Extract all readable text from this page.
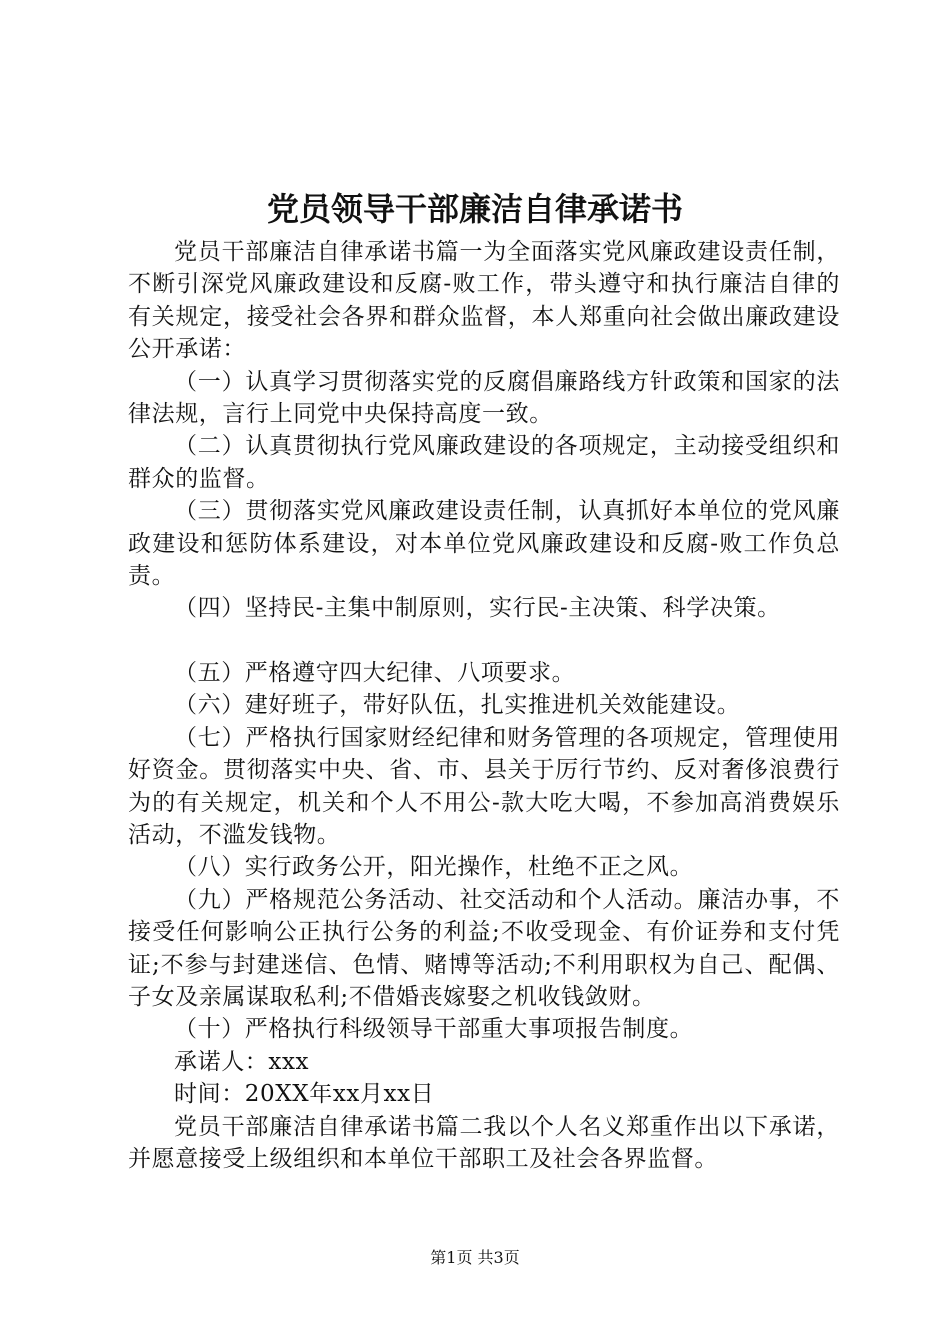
党员领导干部廉洁自律承诺书

党员干部廉洁自律承诺书篇一为全面落实党风廉政建设责任制，不断引深党风廉政建设和反腐-败工作，带头遵守和执行廉洁自律的有关规定，接受社会各界和群众监督，本人郑重向社会做出廉政建设公开承诺：

（一）认真学习贯彻落实党的反腐倡廉路线方针政策和国家的法律法规，言行上同党中央保持高度一致。

（二）认真贯彻执行党风廉政建设的各项规定，主动接受组织和群众的监督。

（三）贯彻落实党风廉政建设责任制，认真抓好本单位的党风廉政建设和惩防体系建设，对本单位党风廉政建设和反腐-败工作负总责。

（四）坚持民-主集中制原则，实行民-主决策、科学决策。

（五）严格遵守四大纪律、八项要求。

（六）建好班子，带好队伍，扎实推进机关效能建设。

（七）严格执行国家财经纪律和财务管理的各项规定，管理使用好资金。贯彻落实中央、省、市、县关于厉行节约、反对奢侈浪费行为的有关规定，机关和个人不用公-款大吃大喝，不参加高消费娱乐活动，不滥发钱物。

（八）实行政务公开，阳光操作，杜绝不正之风。

（九）严格规范公务活动、社交活动和个人活动。廉洁办事，不接受任何影响公正执行公务的利益;不收受现金、有价证券和支付凭证;不参与封建迷信、色情、赌博等活动;不利用职权为自己、配偶、子女及亲属谋取私利;不借婚丧嫁娶之机收钱敛财。

（十）严格执行科级领导干部重大事项报告制度。

承诺人：xxx

时间：20XX年xx月xx日

党员干部廉洁自律承诺书篇二我以个人名义郑重作出以下承诺，并愿意接受上级组织和本单位干部职工及社会各界监督。

第1页 共3页
